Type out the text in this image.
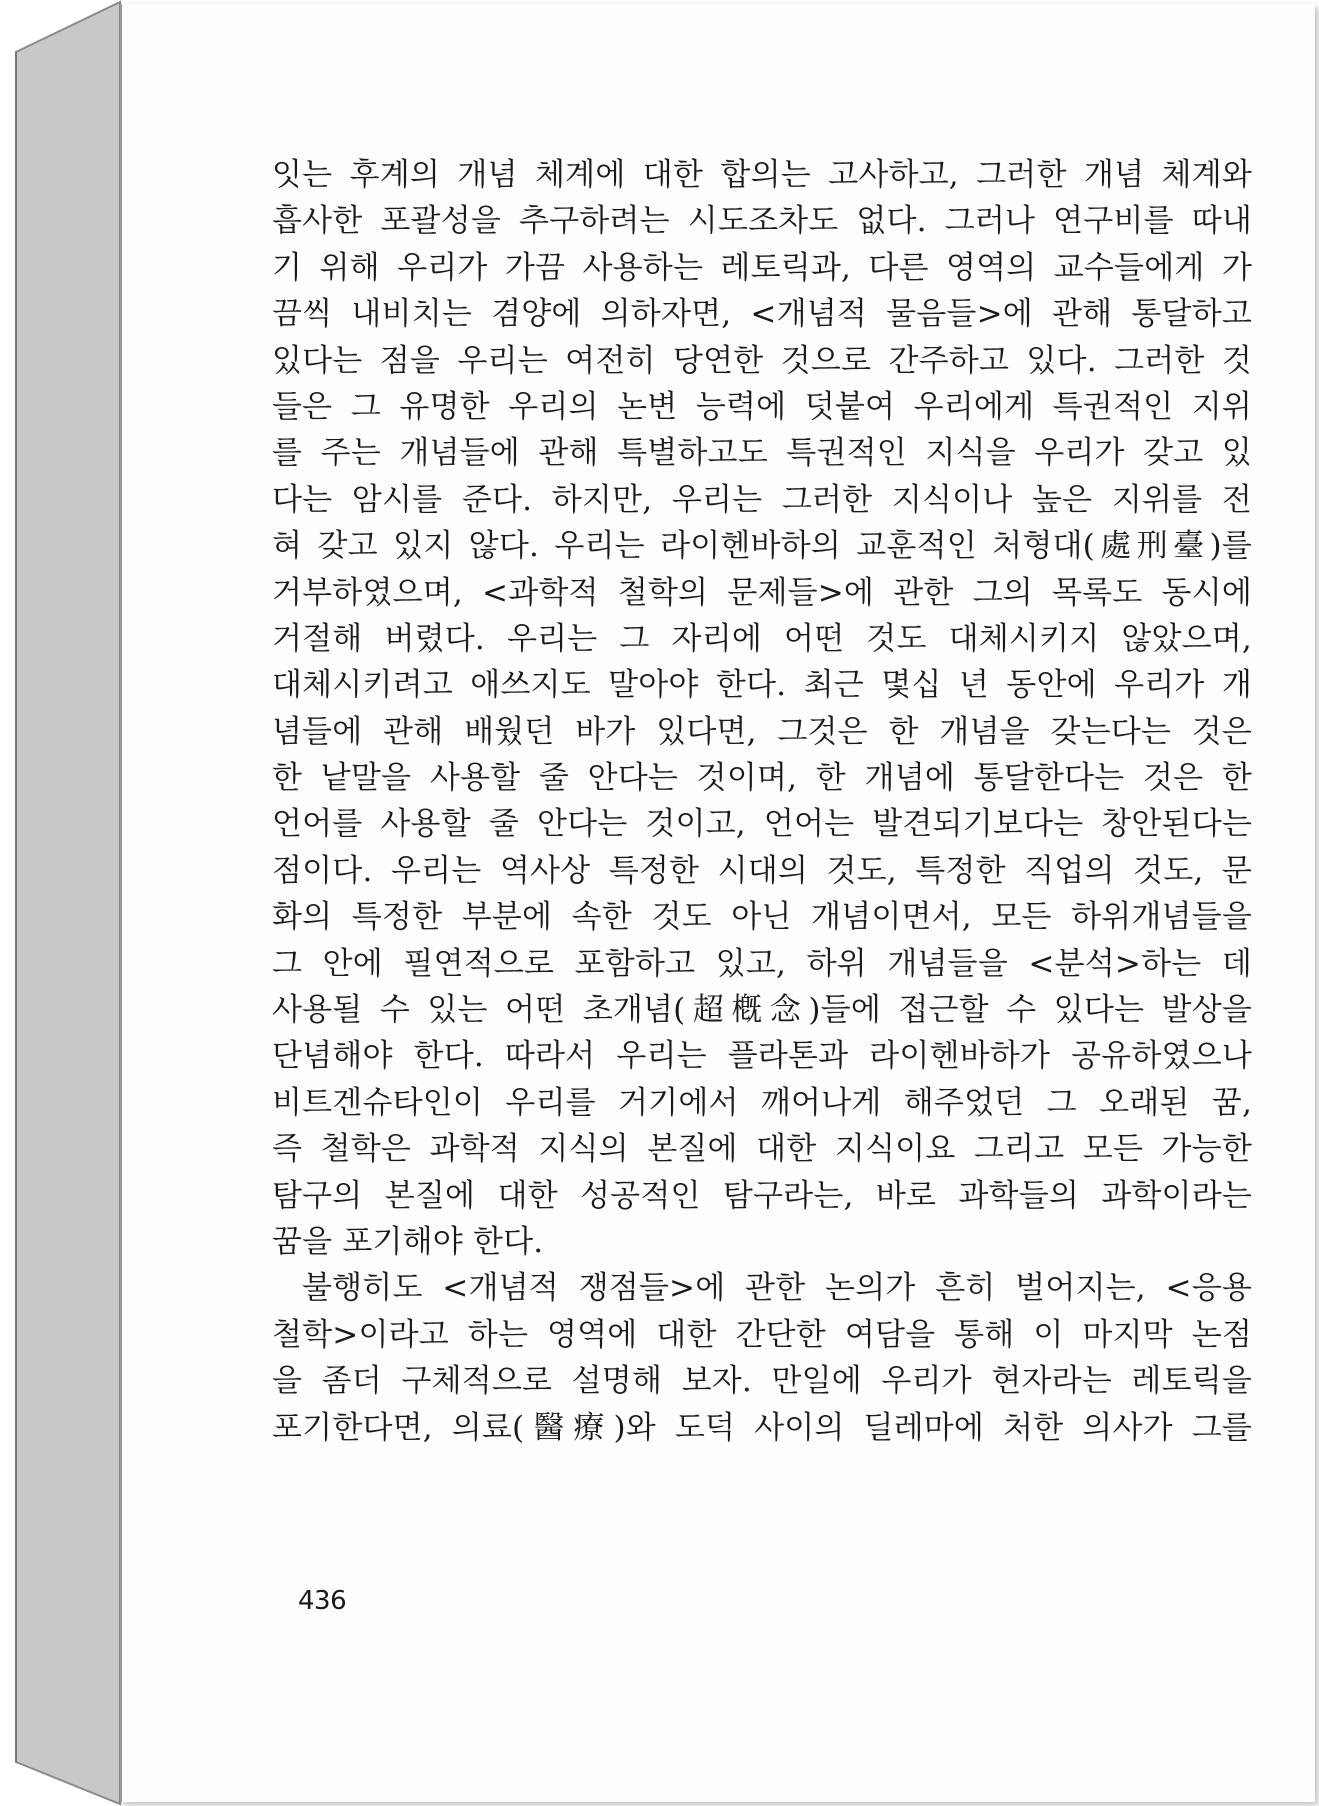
잇는 후계의 개념 체계에 대한 합의는 고사하고, 그러한 개념 체계와
흡사한 포괄성을 추구하려는 시도조차도 없다. 그러나 연구비를 따내
기 위해 우리가 가끔 사용하는 레토릭과, 다른 영역의 교수들에게 가
끔씩 내비치는 겸양에 의하자면, <개념적 물음들>에 관해 통달하고
있다는 점을 우리는 여전히 당연한 것으로 간주하고 있다. 그러한 것
들은 그 유명한 우리의 논변 능력에 덧붙여 우리에게 특권적인 지위
를 주는 개념들에 관해 특별하고도 특권적인 지식을 우리가 갖고 있
다는 암시를 준다. 하지만, 우리는 그러한 지식이나 높은 지위를 전
혀 갖고 있지 않다. 우리는 라이헨바하의 교훈적인 처형대(處刑臺)를
거부하였으며, <과학적 철학의 문제들>에 관한 그의 목록도 동시에
거절해 버렸다. 우리는 그 자리에 어떤 것도 대체시키지 않았으며,
대체시키려고 애쓰지도 말아야 한다. 최근 몇십 년 동안에 우리가 개
념들에 관해 배웠던 바가 있다면, 그것은 한 개념을 갖는다는 것은
한 낱말을 사용할 줄 안다는 것이며, 한 개념에 통달한다는 것은 한
언어를 사용할 줄 안다는 것이고, 언어는 발견되기보다는 창안된다는
점이다. 우리는 역사상 특정한 시대의 것도, 특정한 직업의 것도, 문
화의 특정한 부분에 속한 것도 아닌 개념이면서, 모든 하위개념들을
그 안에 필연적으로 포함하고 있고, 하위 개념들을 <분석>하는 데
사용될 수 있는 어떤 초개념(超槪念)들에 접근할 수 있다는 발상을
단념해야 한다. 따라서 우리는 플라톤과 라이헨바하가 공유하였으나
비트겐슈타인이 우리를 거기에서 깨어나게 해주었던 그 오래된 꿈,
즉 철학은 과학적 지식의 본질에 대한 지식이요 그리고 모든 가능한
탐구의 본질에 대한 성공적인 탐구라는, 바로 과학들의 과학이라는
꿈을 포기해야 한다.
불행히도 <개념적 쟁점들>에 관한 논의가 흔히 벌어지는, <응용
철학>이라고 하는 영역에 대한 간단한 여담을 통해 이 마지막 논점
을 좀더 구체적으로 설명해 보자. 만일에 우리가 현자라는 레토릭을
포기한다면, 의료(醫療)와 도덕 사이의 딜레마에 처한 의사가 그를
436
